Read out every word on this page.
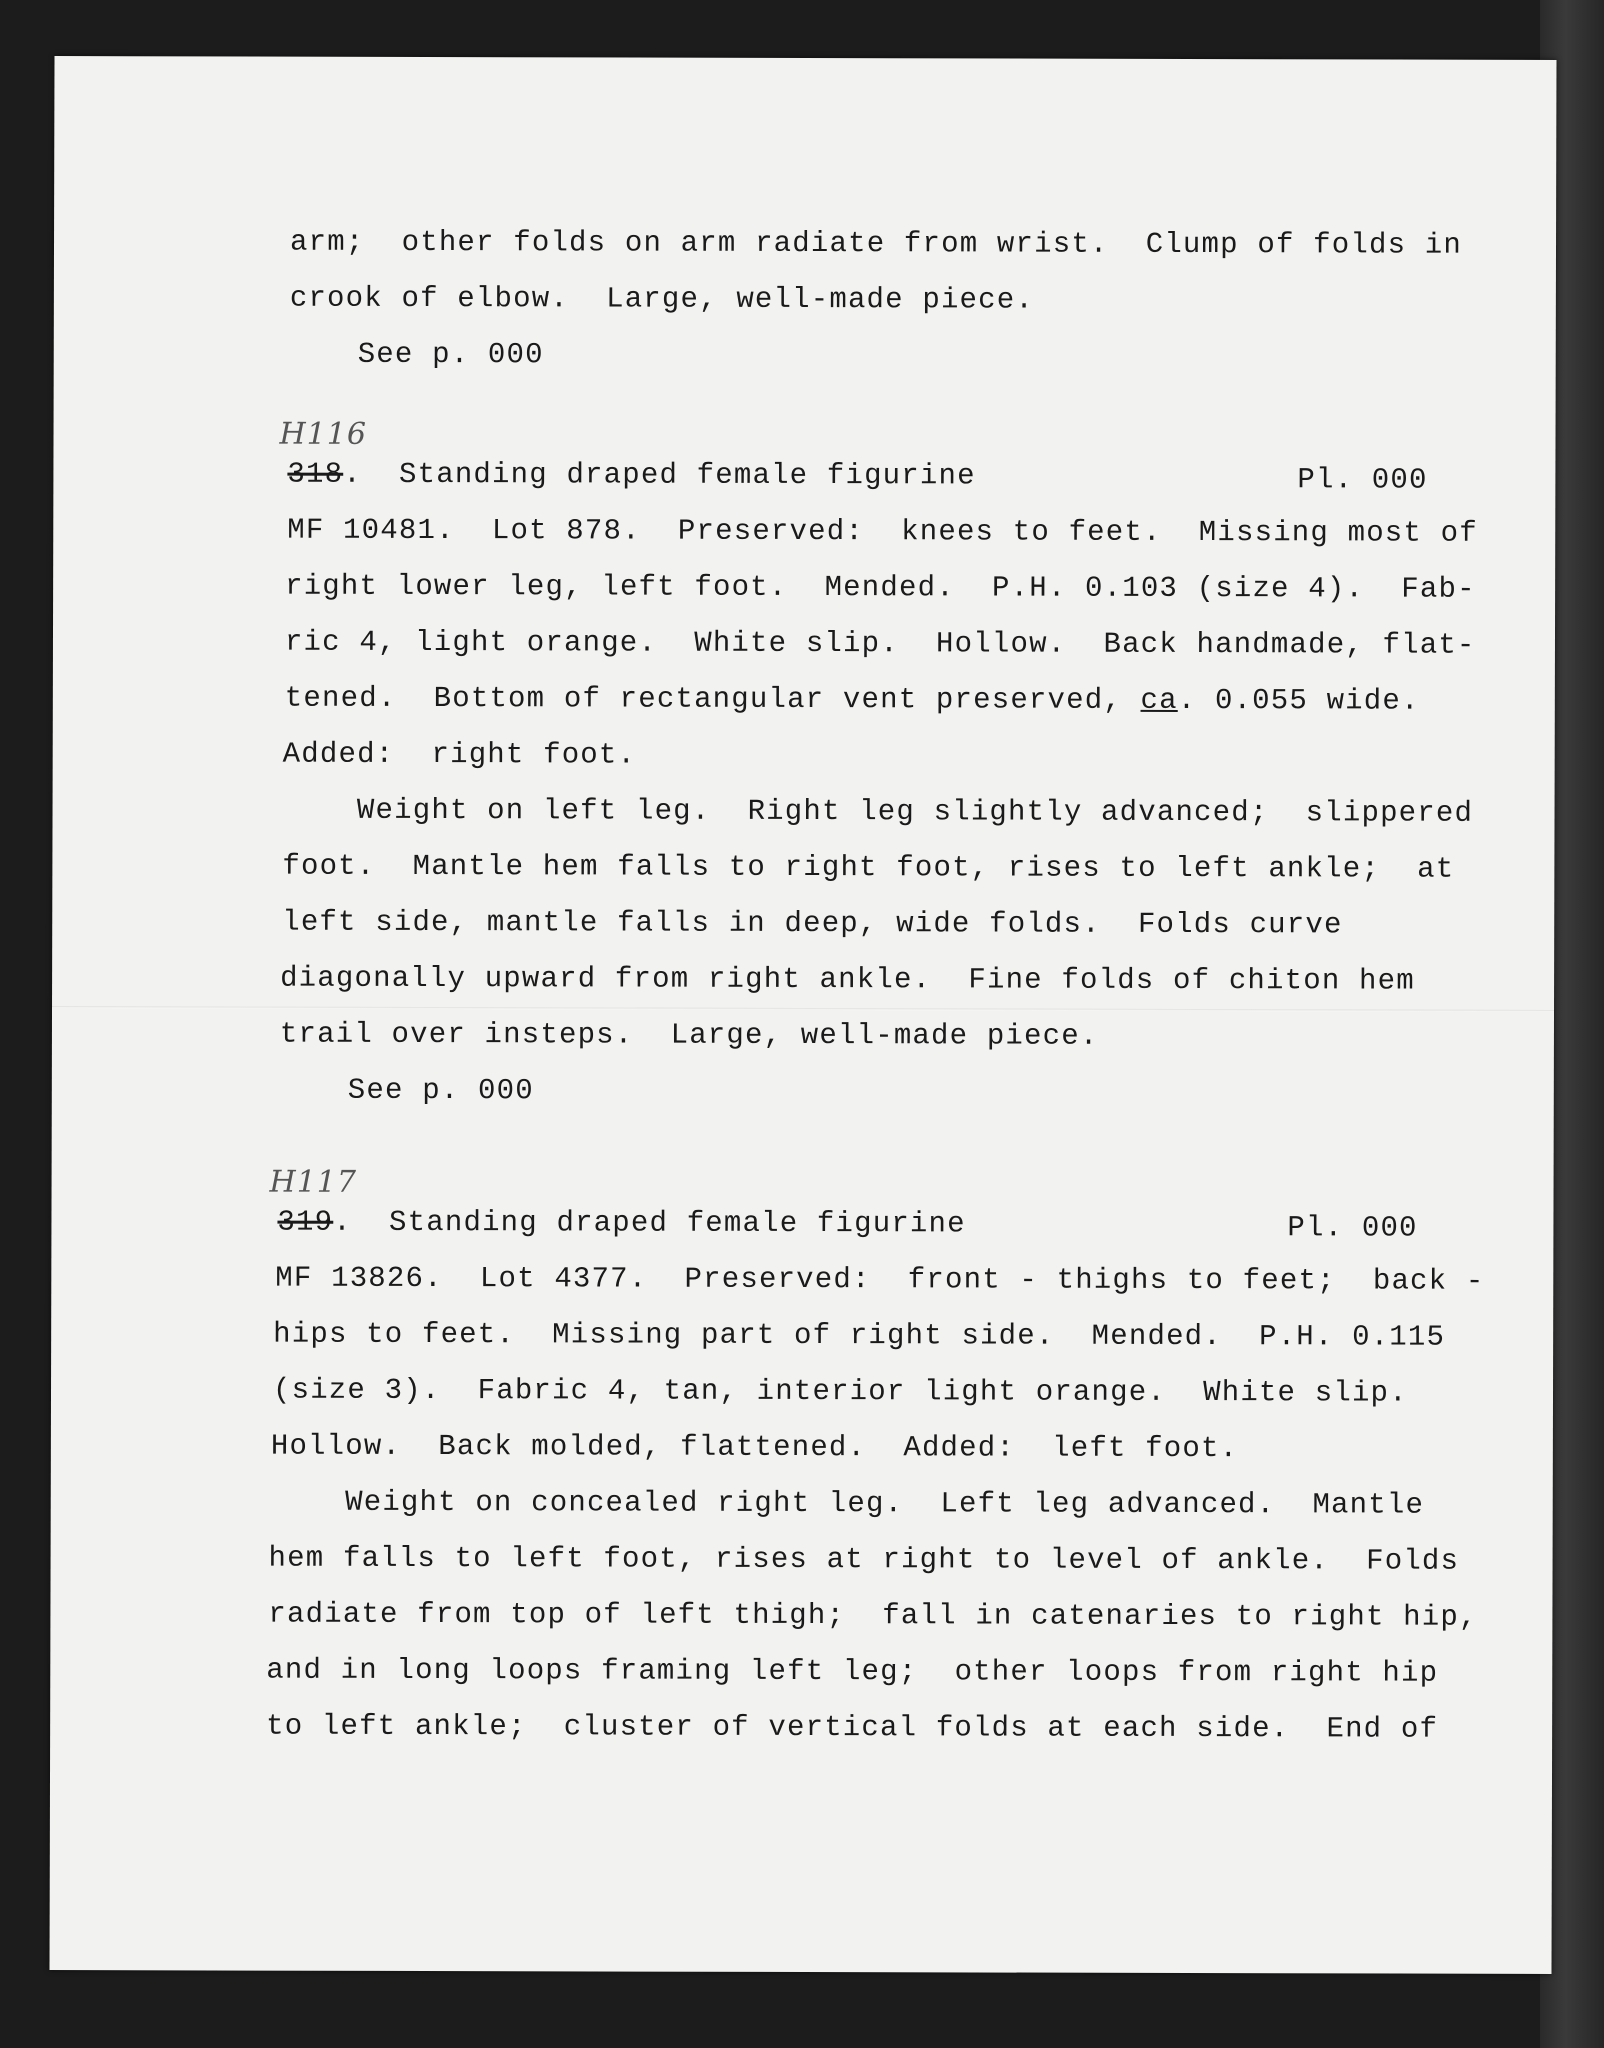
arm;  other folds on arm radiate from wrist.  Clump of folds in
crook of elbow.  Large, well-made piece.
See p. 000
H116
318.  Standing draped female figurine	Pl. 000
MF 10481.  Lot 878.  Preserved:  knees to feet.  Missing most of
right lower leg, left foot.  Mended.  P.H. 0.103 (size 4).  Fab-
ric 4, light orange.  White slip.  Hollow.  Back handmade, flat-
tened.  Bottom of rectangular vent preserved, ca. 0.055 wide.
Added:  right foot.
Weight on left leg.  Right leg slightly advanced;  slippered
foot.  Mantle hem falls to right foot, rises to left ankle;  at
left side, mantle falls in deep, wide folds.  Folds curve
diagonally upward from right ankle.  Fine folds of chiton hem
trail over insteps.  Large, well-made piece.
See p. 000
H117
319.  Standing draped female figurine	Pl. 000
MF 13826.  Lot 4377.  Preserved:  front - thighs to feet;  back -
hips to feet.  Missing part of right side.  Mended.  P.H. 0.115
(size 3).  Fabric 4, tan, interior light orange.  White slip.
Hollow.  Back molded, flattened.  Added:  left foot.
Weight on concealed right leg.  Left leg advanced.  Mantle
hem falls to left foot, rises at right to level of ankle.  Folds
radiate from top of left thigh;  fall in catenaries to right hip,
and in long loops framing left leg;  other loops from right hip
to left ankle;  cluster of vertical folds at each side.  End of
